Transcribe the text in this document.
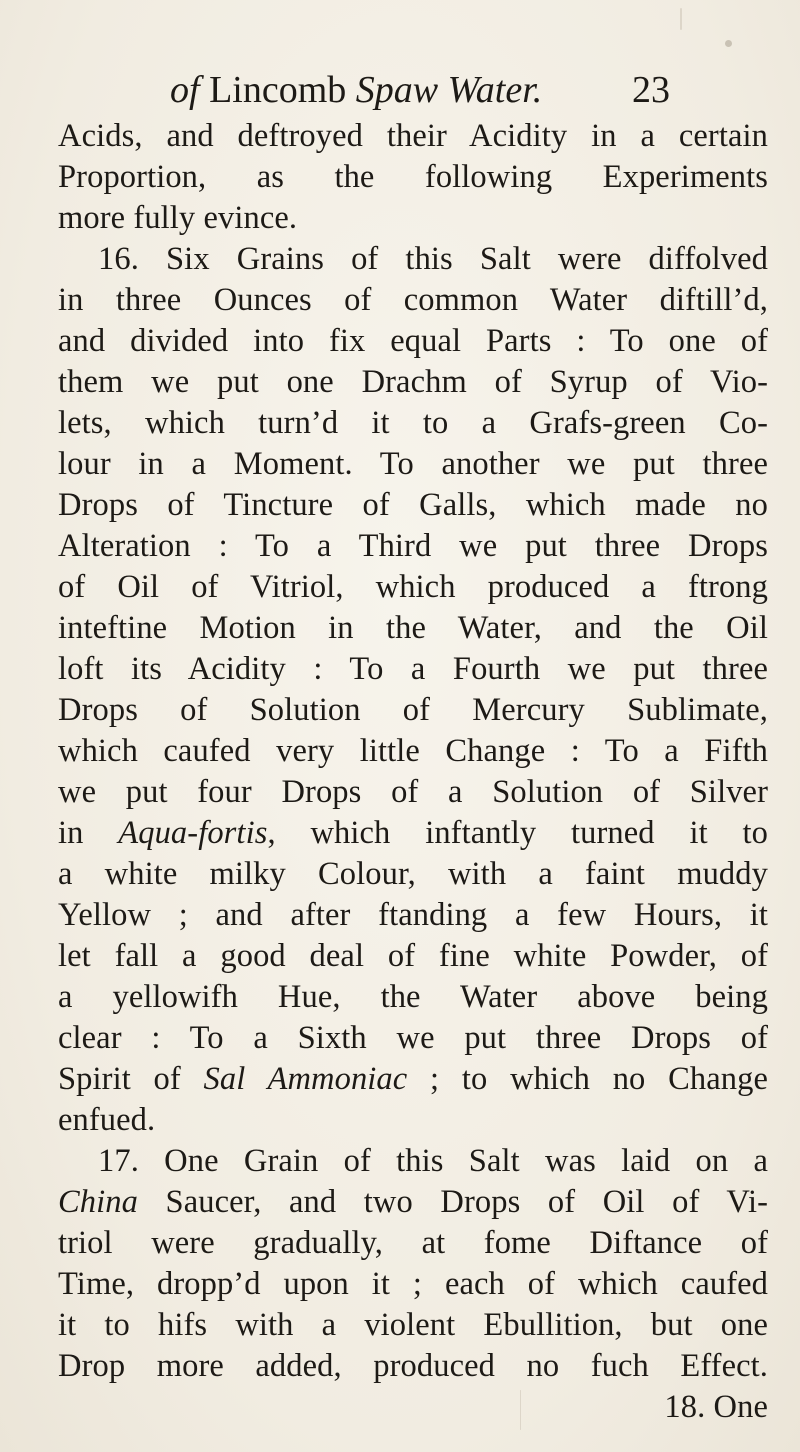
of Lincomb Spaw Water. 23
Acids, and deftroyed their Acidity in a certain
Proportion, as the following Experiments
more fully evince.
16. Six Grains of this Salt were diffolved
in three Ounces of common Water diftill’d,
and divided into fix equal Parts : To one of
them we put one Drachm of Syrup of Vio-
lets, which turn’d it to a Grafs-green Co-
lour in a Moment. To another we put three
Drops of Tincture of Galls, which made no
Alteration : To a Third we put three Drops
of Oil of Vitriol, which produced a ftrong
inteftine Motion in the Water, and the Oil
loft its Acidity : To a Fourth we put three
Drops of Solution of Mercury Sublimate,
which caufed very little Change : To a Fifth
we put four Drops of a Solution of Silver
in Aqua-fortis, which inftantly turned it to
a white milky Colour, with a faint muddy
Yellow ; and after ftanding a few Hours, it
let fall a good deal of fine white Powder, of
a yellowifh Hue, the Water above being
clear : To a Sixth we put three Drops of
Spirit of Sal Ammoniac ; to which no Change
enfued.
17. One Grain of this Salt was laid on a
China Saucer, and two Drops of Oil of Vi-
triol were gradually, at fome Diftance of
Time, dropp’d upon it ; each of which caufed
it to hifs with a violent Ebullition, but one
Drop more added, produced no fuch Effect.
18. One
